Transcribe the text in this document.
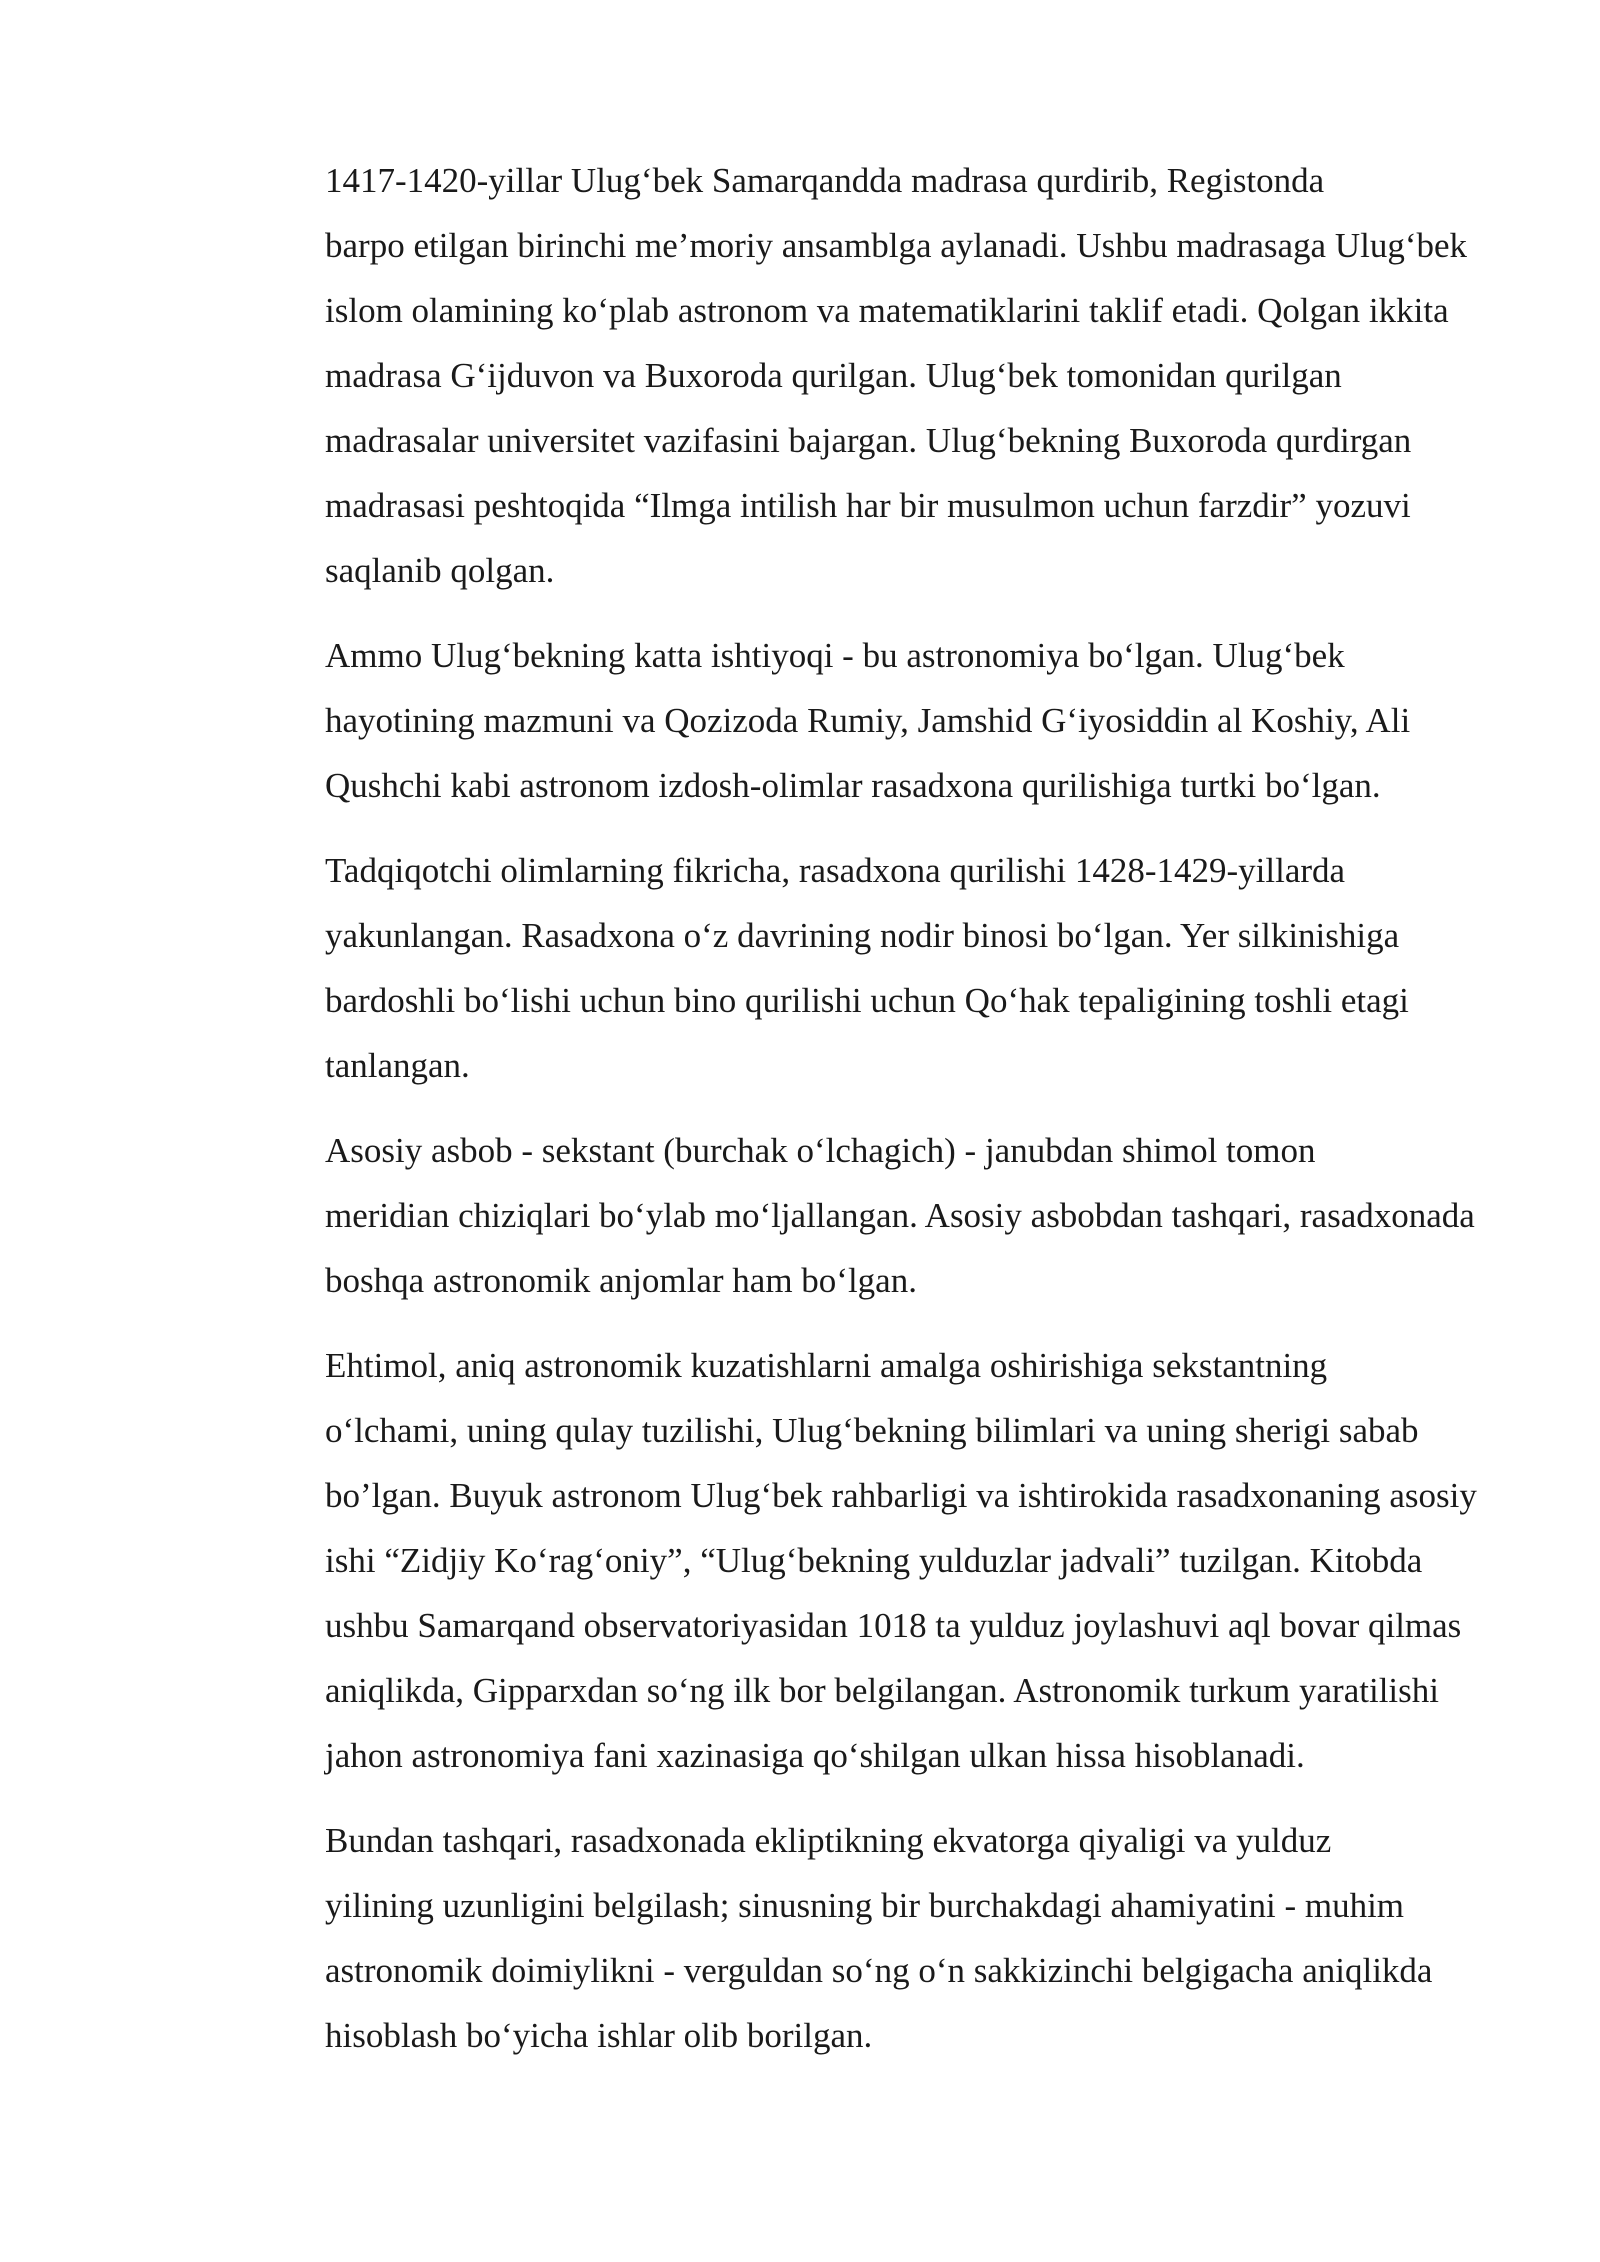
1417-1420-yillar Ulug‘bek Samarqandda madrasa qurdirib, Registonda
barpo etilgan birinchi me’moriy ansamblga aylanadi. Ushbu madrasaga Ulug‘bek
islom olamining ko‘plab astronom va matematiklarini taklif etadi. Qolgan ikkita
madrasa G‘ijduvon va Buxoroda qurilgan. Ulug‘bek tomonidan qurilgan
madrasalar universitet vazifasini bajargan. Ulug‘bekning Buxoroda qurdirgan
madrasasi peshtoqida “Ilmga intilish har bir musulmon uchun farzdir” yozuvi
saqlanib qolgan.

Ammo Ulug‘bekning katta ishtiyoqi - bu astronomiya bo‘lgan. Ulug‘bek
hayotining mazmuni va Qozizoda Rumiy, Jamshid G‘iyosiddin al Koshiy, Ali
Qushchi kabi astronom izdosh-olimlar rasadxona qurilishiga turtki bo‘lgan.

Tadqiqotchi olimlarning fikricha, rasadxona qurilishi 1428-1429-yillarda
yakunlangan. Rasadxona o‘z davrining nodir binosi bo‘lgan. Yer silkinishiga
bardoshli bo‘lishi uchun bino qurilishi uchun Qo‘hak tepaligining toshli etagi
tanlangan.

Asosiy asbob - sekstant (burchak o‘lchagich) - janubdan shimol tomon
meridian chiziqlari bo‘ylab mo‘ljallangan. Asosiy asbobdan tashqari, rasadxonada
boshqa astronomik anjomlar ham bo‘lgan.

Ehtimol, aniq astronomik kuzatishlarni amalga oshirishiga sekstantning
o‘lchami, uning qulay tuzilishi, Ulug‘bekning bilimlari va uning sherigi sabab
bo’lgan. Buyuk astronom Ulug‘bek rahbarligi va ishtirokida rasadxonaning asosiy
ishi “Zidjiy Ko‘rag‘oniy”, “Ulug‘bekning yulduzlar jadvali” tuzilgan. Kitobda
ushbu Samarqand observatoriyasidan 1018 ta yulduz joylashuvi aql bovar qilmas
aniqlikda, Gipparxdan so‘ng ilk bor belgilangan. Astronomik turkum yaratilishi
jahon astronomiya fani xazinasiga qo‘shilgan ulkan hissa hisoblanadi.

Bundan tashqari, rasadxonada ekliptikning ekvatorga qiyaligi va yulduz
yilining uzunligini belgilash; sinusning bir burchakdagi ahamiyatini - muhim
astronomik doimiylikni - verguldan so‘ng o‘n sakkizinchi belgigacha aniqlikda
hisoblash bo‘yicha ishlar olib borilgan.
